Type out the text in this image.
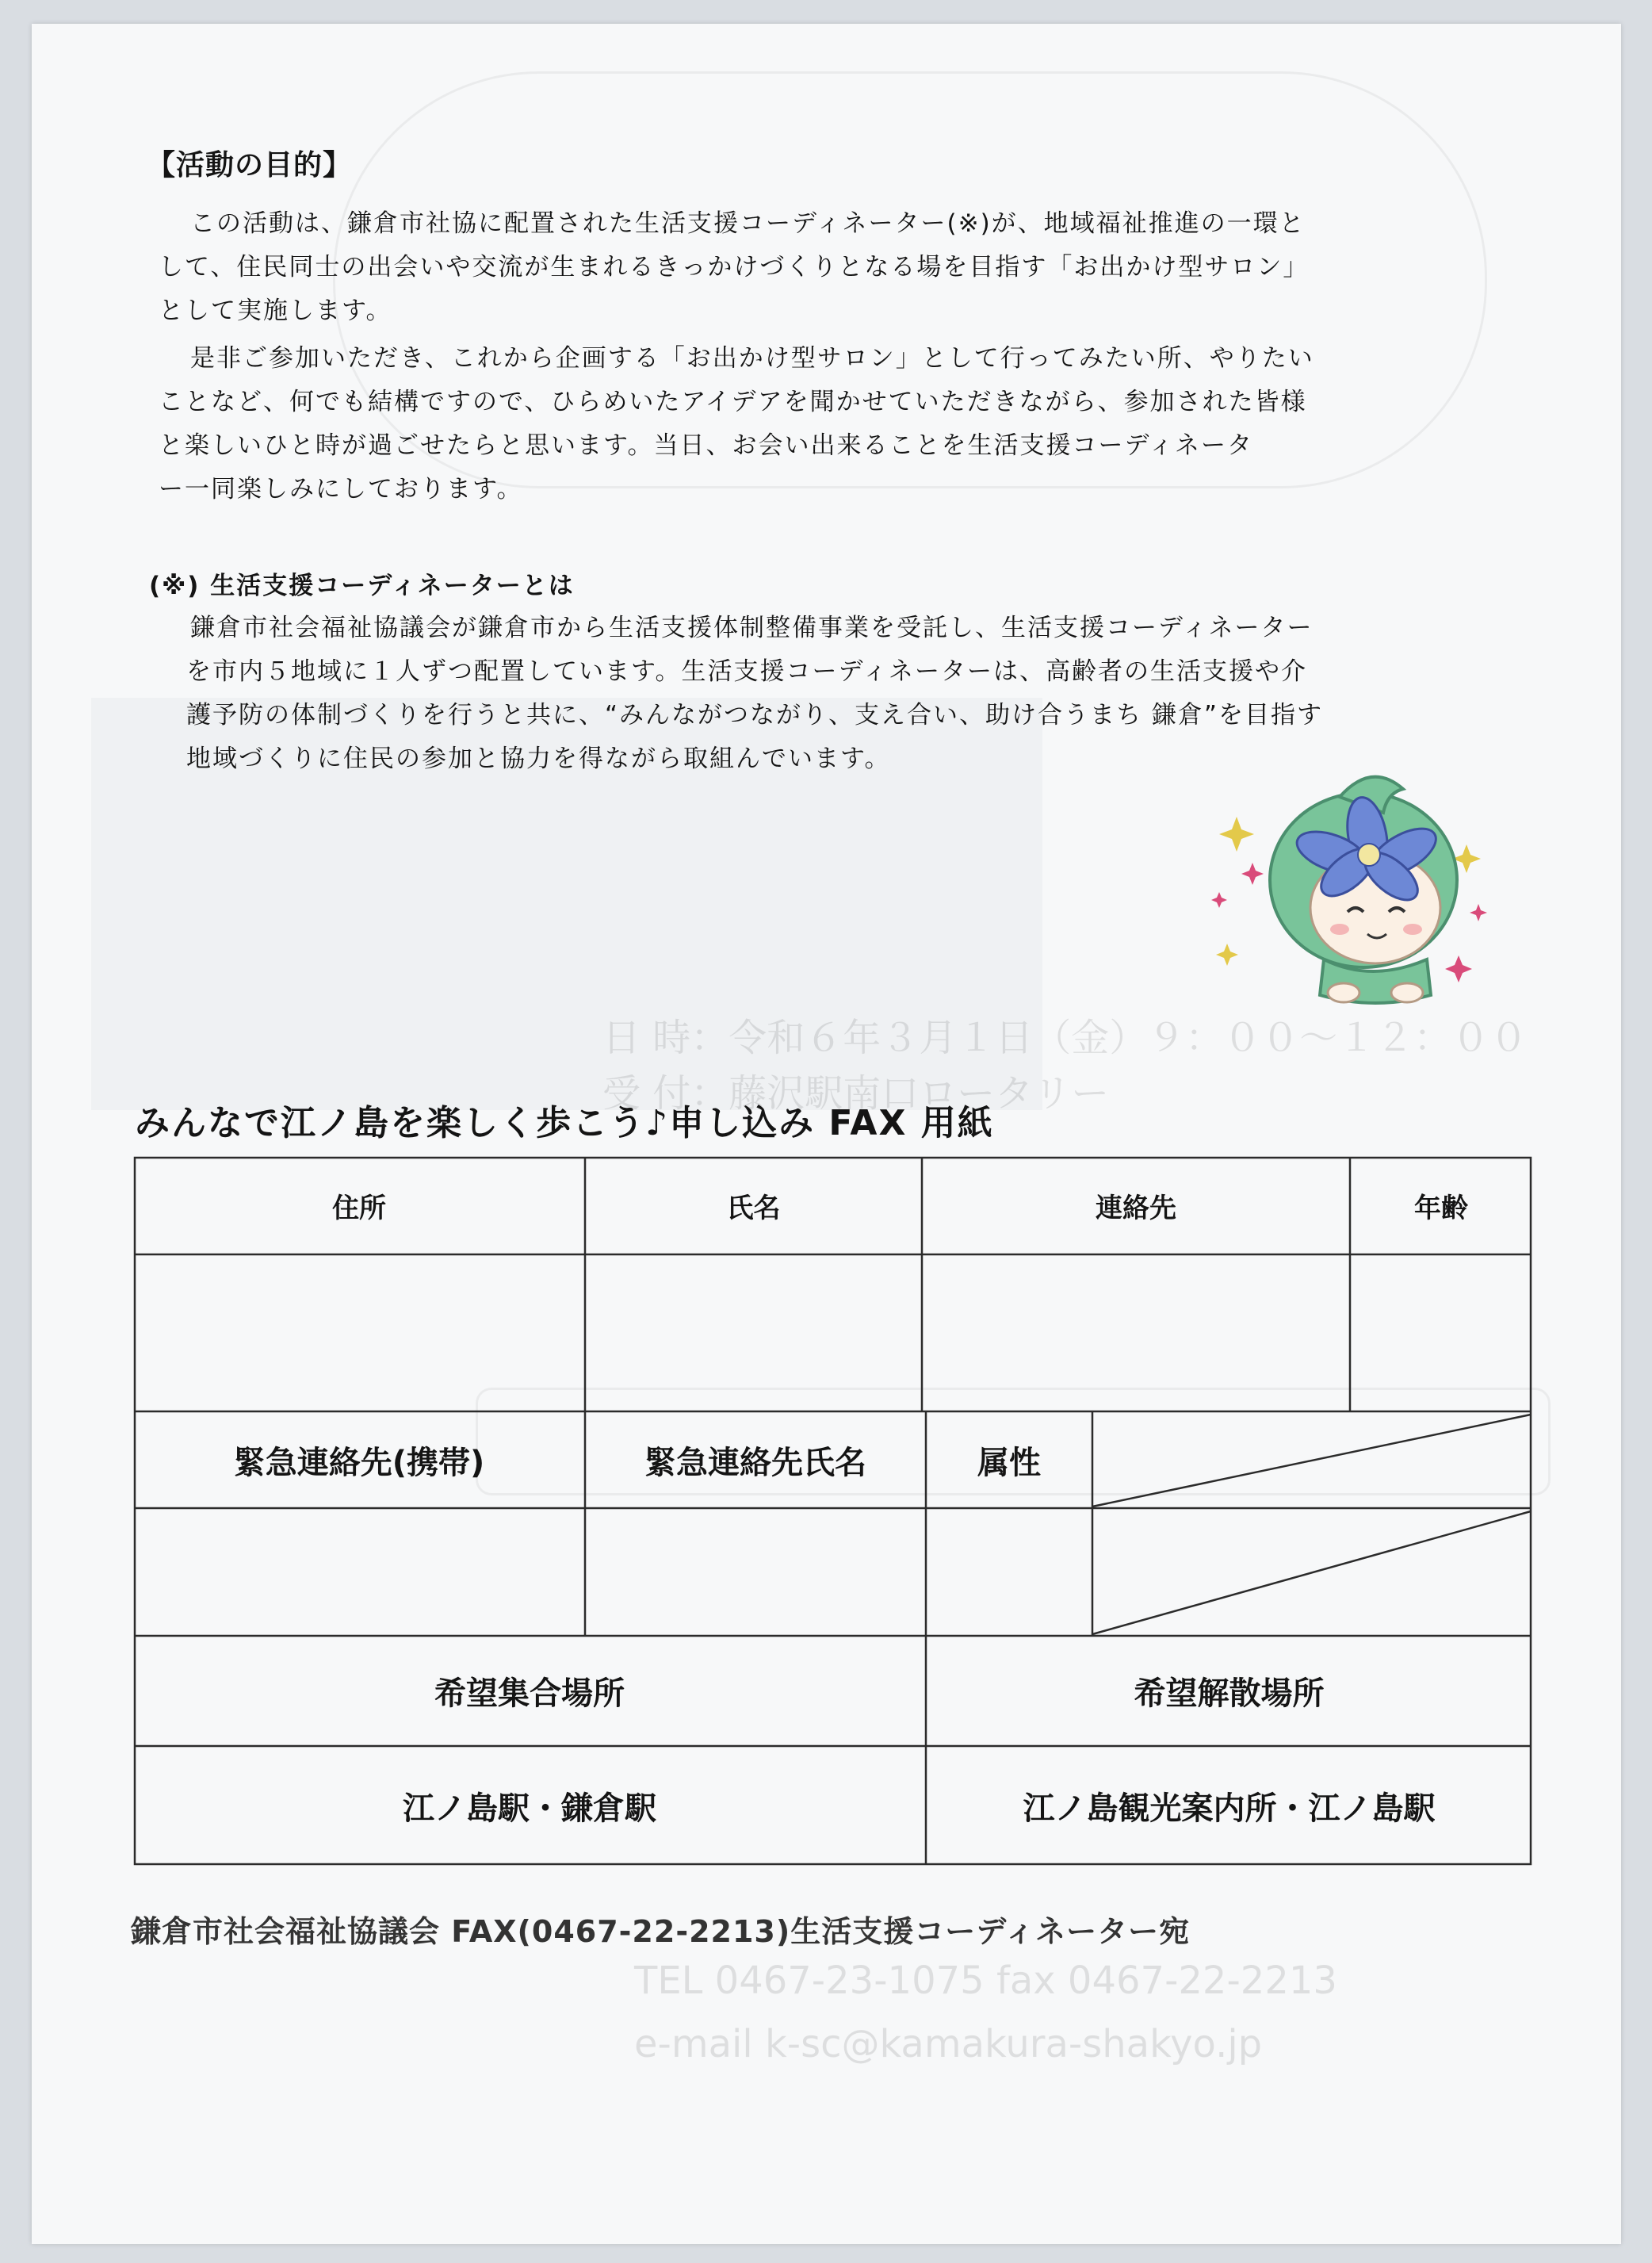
【活動の目的】
この活動は、鎌倉市社協に配置された生活支援コーディネーター(※)が、地域福祉推進の一環と
して、住民同士の出会いや交流が生まれるきっかけづくりとなる場を目指す「お出かけ型サロン」
として実施します。
是非ご参加いただき、これから企画する「お出かけ型サロン」として行ってみたい所、やりたい
ことなど、何でも結構ですので、ひらめいたアイデアを聞かせていただきながら、参加された皆様
と楽しいひと時が過ごせたらと思います。当日、お会い出来ることを生活支援コーディネータ
ー一同楽しみにしております。
(※) 生活支援コーディネーターとは
鎌倉市社会福祉協議会が鎌倉市から生活支援体制整備事業を受託し、生活支援コーディネーター
を市内５地域に１人ずつ配置しています。生活支援コーディネーターは、高齢者の生活支援や介
護予防の体制づくりを行うと共に、“みんながつながり、支え合い、助け合うまち 鎌倉”を目指す
地域づくりに住民の参加と協力を得ながら取組んでいます。
日 時：令和６年３月１日（金）９：００～１２：００
受 付：藤沢駅南口ロータリー
TEL 0467-23-1075 fax 0467-22-2213
e-mail k-sc@kamakura-shakyo.jp
みんなで江ノ島を楽しく歩こう♪申し込み FAX 用紙
住所	氏名	連絡先	年齢
緊急連絡先(携帯)	緊急連絡先氏名	属性
希望集合場所	希望解散場所
江ノ島駅・鎌倉駅	江ノ島観光案内所・江ノ島駅
鎌倉市社会福祉協議会 FAX(0467-22-2213)生活支援コーディネーター宛
